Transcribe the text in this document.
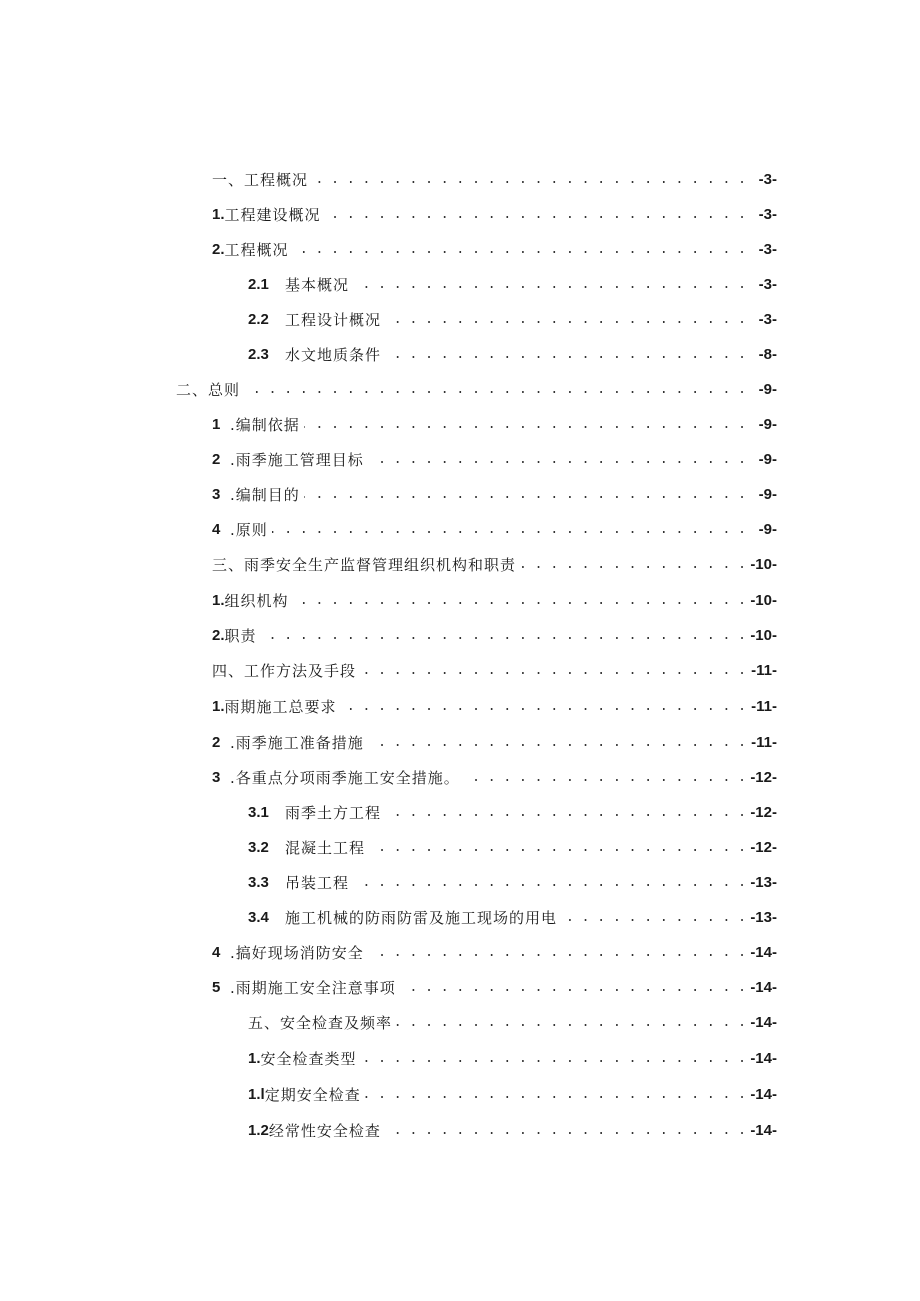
一、工程概况 . . .	-3-
1. 工程建设概况 . . .	-3-
2. 工程概况 . . .	-3-
2.1	基本概况 . . .	-3-
2.2	工程设计概况 . . .	-3-
2.3	水文地质条件 . . .	-8-
二、总则 . . .	-9-
1 .编制依据 . . .	-9-
2 .雨季施工管理目标 . . .	-9-
3 .编制目的 . . .	-9-
4 .原则 . . .	-9-
三、雨季安全生产监督管理组织机构和职责 . . .	-10-
1. 组织机构 . . .	-10-
2. 职责 . . .	-10-
四、工作方法及手段 . . .	-11-
1. 雨期施工总要求 . . .	-11-
2 .雨季施工准备措施 . . .	-11-
3 .各重点分项雨季施工安全措施。 . . .	-12-
3.1	雨季土方工程 . . .	-12-
3.2	混凝土工程 . . .	-12-
3.3	吊装工程 . . .	-13-
3.4	施工机械的防雨防雷及施工现场的用电 . . .	-13-
4 .搞好现场消防安全 . . .	-14-
5 .雨期施工安全注意事项 . . .	-14-
五、安全检查及频率 . . .	-14-
1. 安全检查类型 . . .	-14-
1.l 定期安全检查 . . .	-14-
1.2 经常性安全检查 . . .	-14-
